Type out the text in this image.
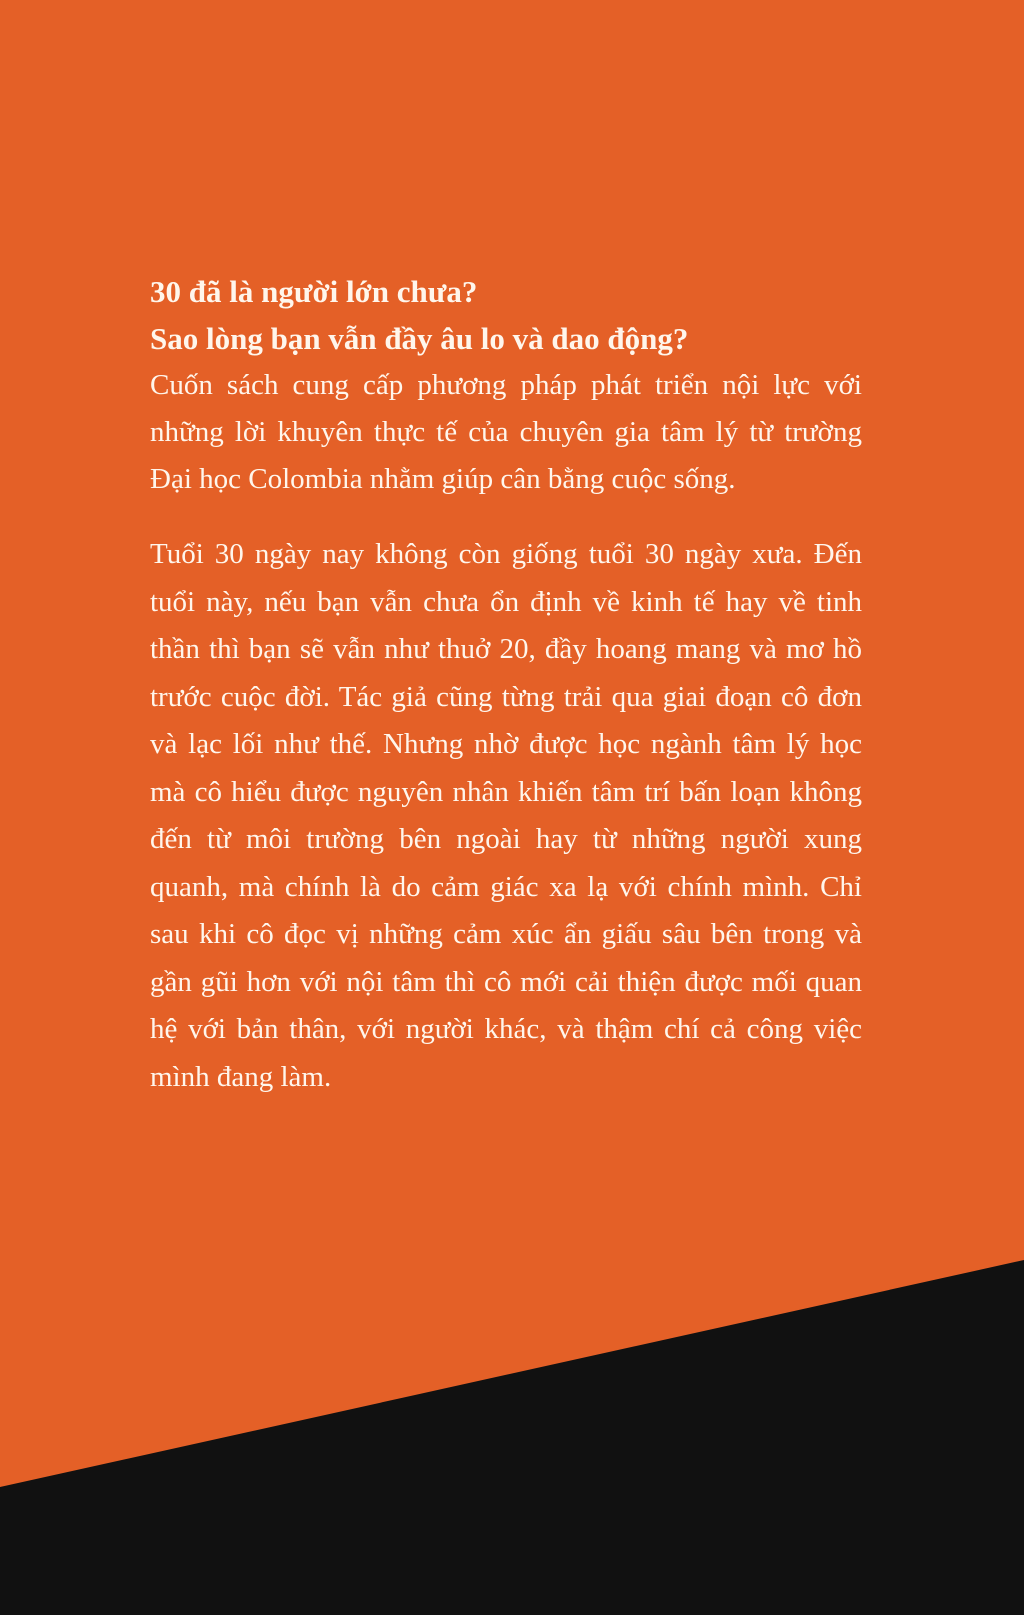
30 đã là người lớn chưa?

Sao lòng bạn vẫn đầy âu lo và dao động?

Cuốn sách cung cấp phương pháp phát triển nội lực với những lời khuyên thực tế của chuyên gia tâm lý từ trường Đại học Colombia nhằm giúp cân bằng cuộc sống.

Tuổi 30 ngày nay không còn giống tuổi 30 ngày xưa. Đến tuổi này, nếu bạn vẫn chưa ổn định về kinh tế hay về tinh thần thì bạn sẽ vẫn như thuở 20, đầy hoang mang và mơ hồ trước cuộc đời. Tác giả cũng từng trải qua giai đoạn cô đơn và lạc lối như thế. Nhưng nhờ được học ngành tâm lý học mà cô hiểu được nguyên nhân khiến tâm trí bấn loạn không đến từ môi trường bên ngoài hay từ những người xung quanh, mà chính là do cảm giác xa lạ với chính mình. Chỉ sau khi cô đọc vị những cảm xúc ẩn giấu sâu bên trong và gần gũi hơn với nội tâm thì cô mới cải thiện được mối quan hệ với bản thân, với người khác, và thậm chí cả công việc mình đang làm.
